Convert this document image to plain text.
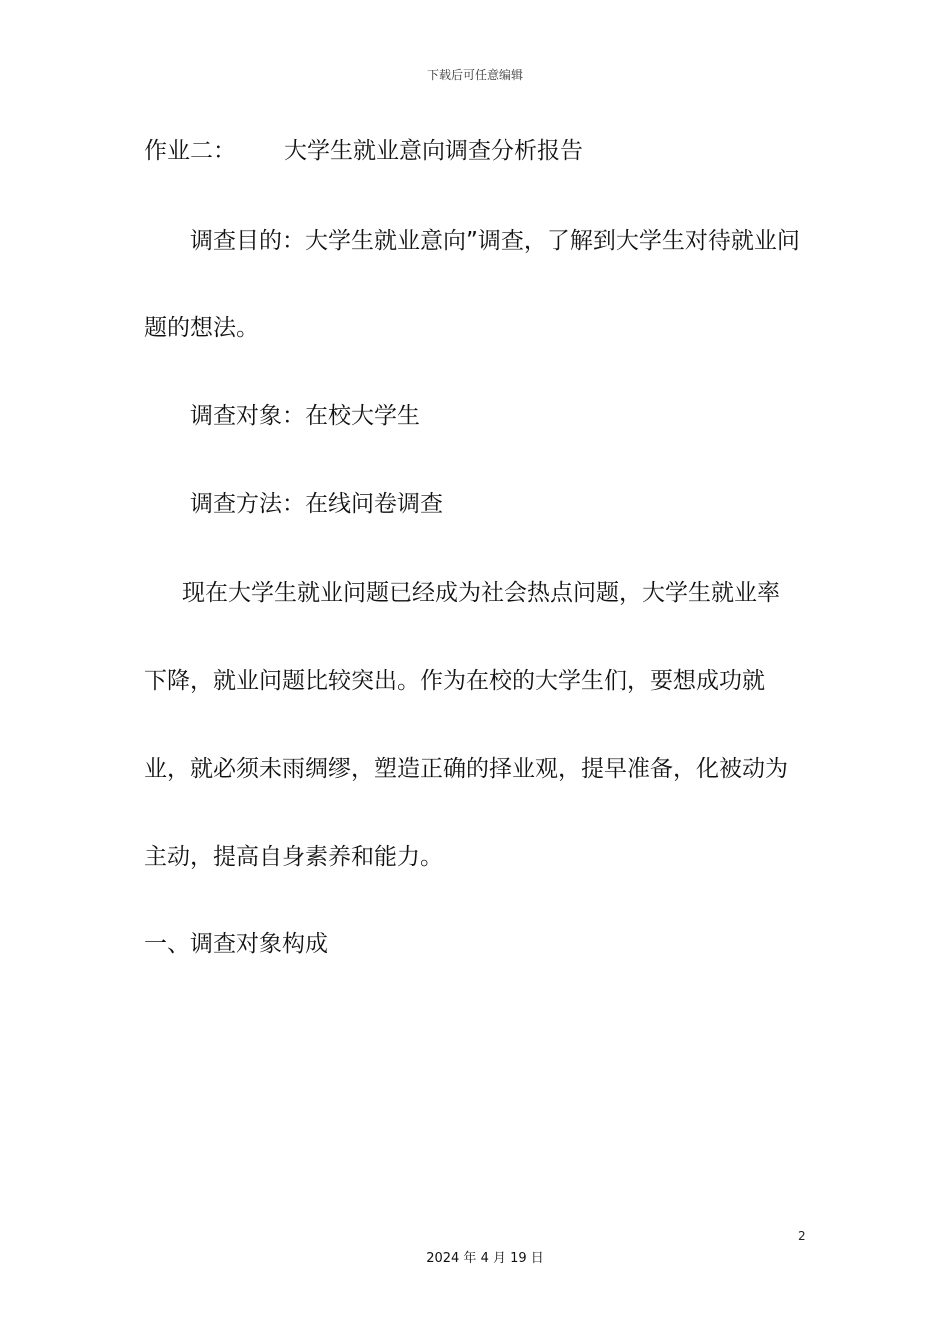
下载后可任意编辑
作业二： 大学生就业意向调查分析报告
调查目的：大学生就业意向”调查，了解到大学生对待就业问
题的想法。
调查对象：在校大学生
调查方法：在线问卷调查
现在大学生就业问题已经成为社会热点问题，大学生就业率
下降，就业问题比较突出。作为在校的大学生们，要想成功就
业，就必须未雨绸缪，塑造正确的择业观，提早准备，化被动为
主动，提高自身素养和能力。
一、调查对象构成
2
2024 年 4 月 19 日
